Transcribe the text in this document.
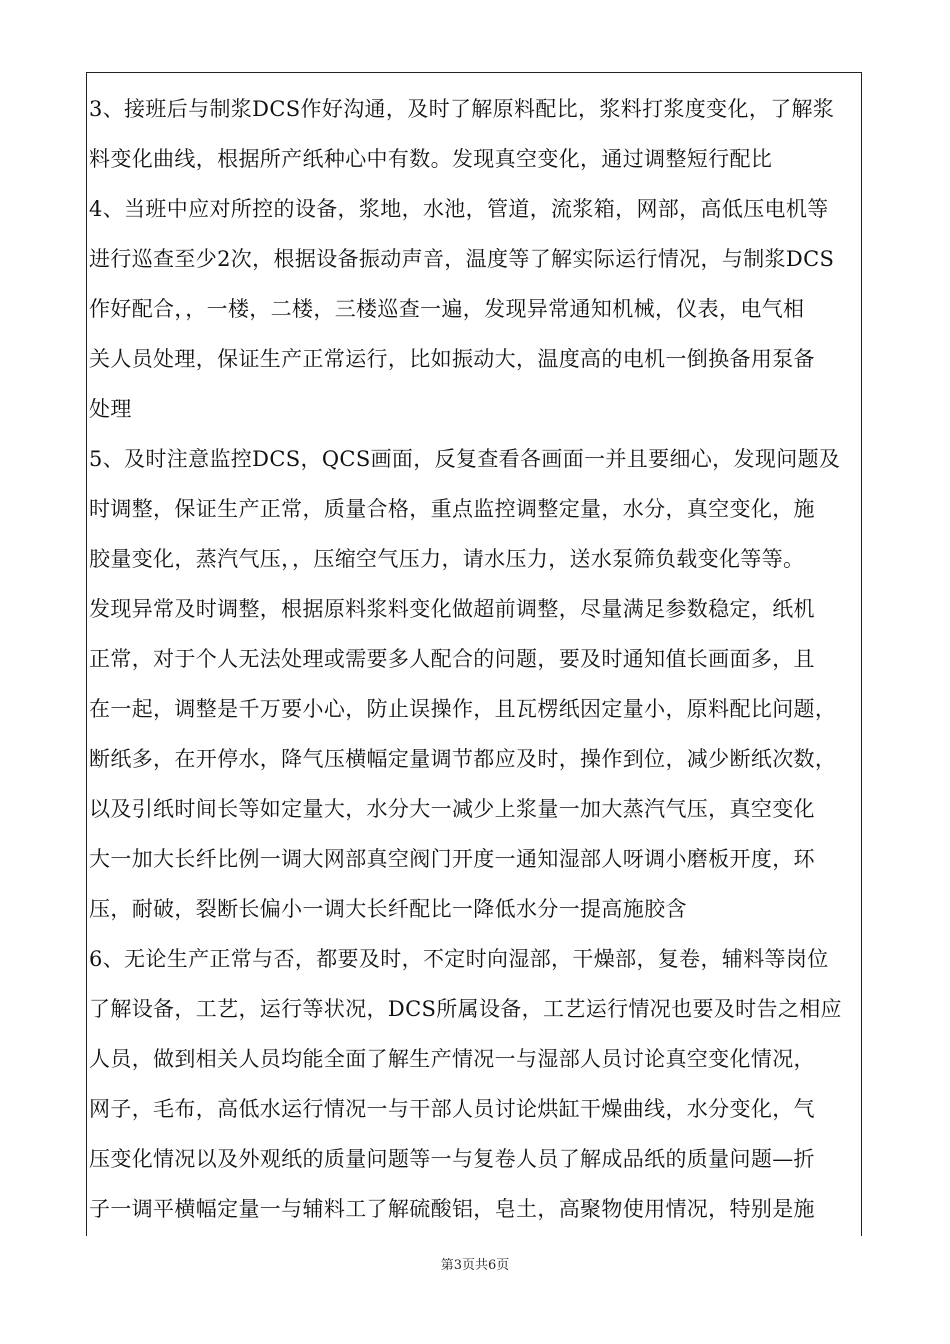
3、接班后与制浆DCS作好沟通，及时了解原料配比，浆料打浆度变化，了解浆
料变化曲线，根据所产纸种心中有数。发现真空变化，通过调整短行配比
4、当班中应对所控的设备，浆地，水池，管道，流浆箱，网部，高低压电机等
进行巡查至少2次，根据设备振动声音，温度等了解实际运行情况，与制浆DCS
作好配合，，一楼，二楼，三楼巡查一遍，发现异常通知机械，仪表，电气相
关人员处理，保证生产正常运行，比如振动大，温度高的电机一倒换备用泵备
处理
5、及时注意监控DCS，QCS画面，反复查看各画面一并且要细心，发现问题及
时调整，保证生产正常，质量合格，重点监控调整定量，水分，真空变化，施
胶量变化，蒸汽气压，，压缩空气压力，请水压力，送水泵筛负载变化等等。
发现异常及时调整，根据原料浆料变化做超前调整，尽量满足参数稳定，纸机
正常，对于个人无法处理或需要多人配合的问题，要及时通知值长画面多，且
在一起，调整是千万要小心，防止误操作，且瓦楞纸因定量小，原料配比问题，
断纸多，在开停水，降气压横幅定量调节都应及时，操作到位，减少断纸次数，
以及引纸时间长等如定量大，水分大一减少上浆量一加大蒸汽气压，真空变化
大一加大长纤比例一调大网部真空阀门开度一通知湿部人呀调小磨板开度，环
压，耐破，裂断长偏小一调大长纤配比一降低水分一提高施胶含
6、无论生产正常与否，都要及时，不定时向湿部，干燥部，复卷，辅料等岗位
了解设备，工艺，运行等状况，DCS所属设备，工艺运行情况也要及时告之相应
人员，做到相关人员均能全面了解生产情况一与湿部人员讨论真空变化情况，
网子，毛布，高低水运行情况一与干部人员讨论烘缸干燥曲线，水分变化，气
压变化情况以及外观纸的质量问题等一与复卷人员了解成品纸的质量问题—折
子一调平横幅定量一与辅料工了解硫酸铝，皂土，高聚物使用情况，特别是施
第3页共6页
